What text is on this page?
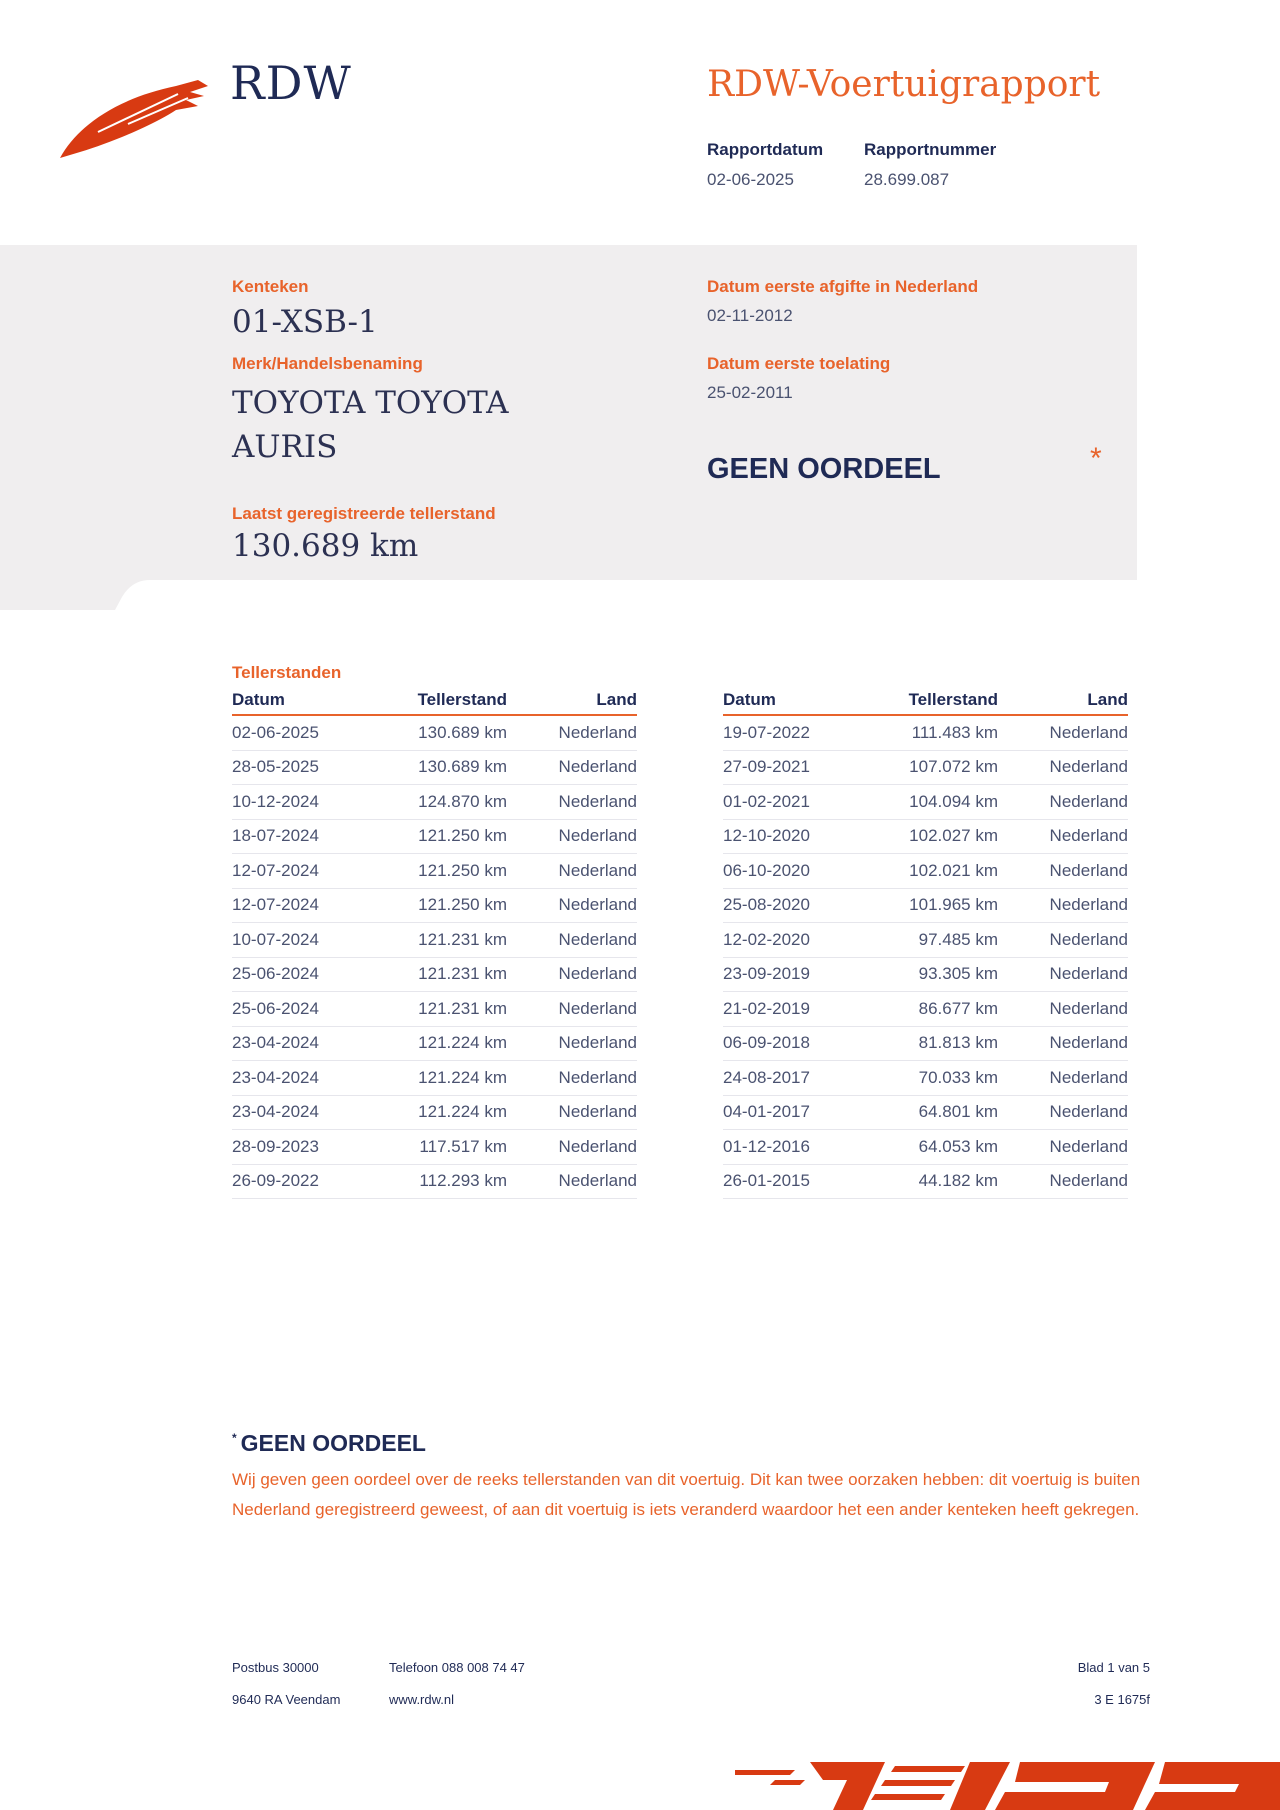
RDW	RDW-Voertuigrapport
Rapportdatum
02-06-2025
Rapportnummer
28.699.087
Kenteken
01-XSB-1
Merk/Handelsbenaming
TOYOTA TOYOTA
AURIS
Laatst geregistreerde tellerstand
130.689 km
Datum eerste afgifte in Nederland
02-11-2012
Datum eerste toelating
25-02-2011
GEEN OORDEEL	*
Tellerstanden
Datum	Tellerstand	Land
02-06-2025	130.689 km	Nederland
28-05-2025	130.689 km	Nederland
10-12-2024	124.870 km	Nederland
18-07-2024	121.250 km	Nederland
12-07-2024	121.250 km	Nederland
12-07-2024	121.250 km	Nederland
10-07-2024	121.231 km	Nederland
25-06-2024	121.231 km	Nederland
25-06-2024	121.231 km	Nederland
23-04-2024	121.224 km	Nederland
23-04-2024	121.224 km	Nederland
23-04-2024	121.224 km	Nederland
28-09-2023	117.517 km	Nederland
26-09-2022	112.293 km	Nederland
Datum	Tellerstand	Land
19-07-2022	111.483 km	Nederland
27-09-2021	107.072 km	Nederland
01-02-2021	104.094 km	Nederland
12-10-2020	102.027 km	Nederland
06-10-2020	102.021 km	Nederland
25-08-2020	101.965 km	Nederland
12-02-2020	97.485 km	Nederland
23-09-2019	93.305 km	Nederland
21-02-2019	86.677 km	Nederland
06-09-2018	81.813 km	Nederland
24-08-2017	70.033 km	Nederland
04-01-2017	64.801 km	Nederland
01-12-2016	64.053 km	Nederland
26-01-2015	44.182 km	Nederland
* GEEN OORDEEL
Wij geven geen oordeel over de reeks tellerstanden van dit voertuig. Dit kan twee oorzaken hebben: dit voertuig is buiten Nederland geregistreerd geweest, of aan dit voertuig is iets veranderd waardoor het een ander kenteken heeft gekregen.
Postbus 30000
9640 RA Veendam
Telefoon 088 008 74 47
www.rdw.nl
Blad 1 van 5
3 E 1675f
